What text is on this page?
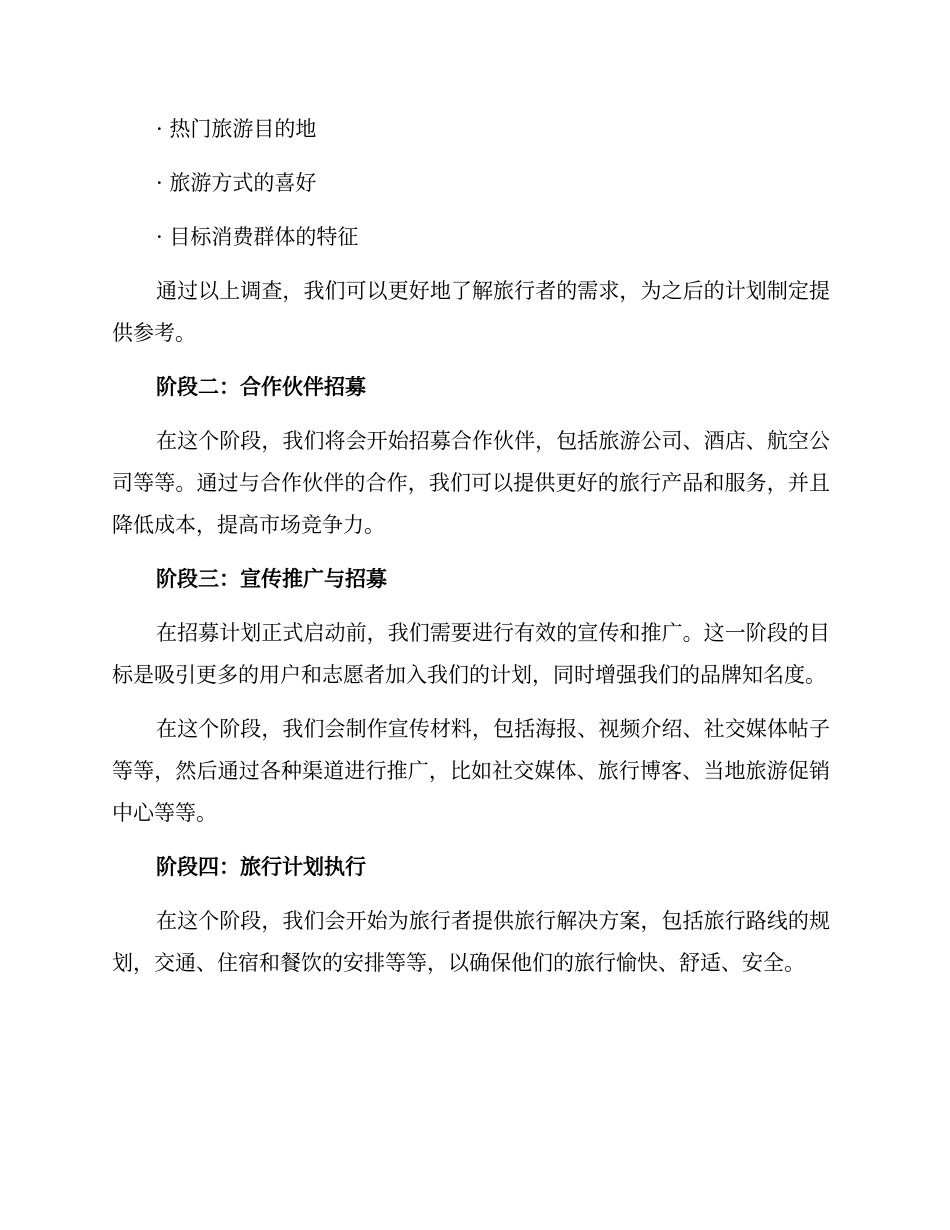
· 热门旅游目的地

· 旅游方式的喜好

· 目标消费群体的特征

通过以上调查，我们可以更好地了解旅行者的需求，为之后的计划制定提供参考。

阶段二：合作伙伴招募

在这个阶段，我们将会开始招募合作伙伴，包括旅游公司、酒店、航空公司等等。通过与合作伙伴的合作，我们可以提供更好的旅行产品和服务，并且降低成本，提高市场竞争力。

阶段三：宣传推广与招募

在招募计划正式启动前，我们需要进行有效的宣传和推广。这一阶段的目标是吸引更多的用户和志愿者加入我们的计划，同时增强我们的品牌知名度。

在这个阶段，我们会制作宣传材料，包括海报、视频介绍、社交媒体帖子等等，然后通过各种渠道进行推广，比如社交媒体、旅行博客、当地旅游促销中心等等。

阶段四：旅行计划执行

在这个阶段，我们会开始为旅行者提供旅行解决方案，包括旅行路线的规划，交通、住宿和餐饮的安排等等，以确保他们的旅行愉快、舒适、安全。
